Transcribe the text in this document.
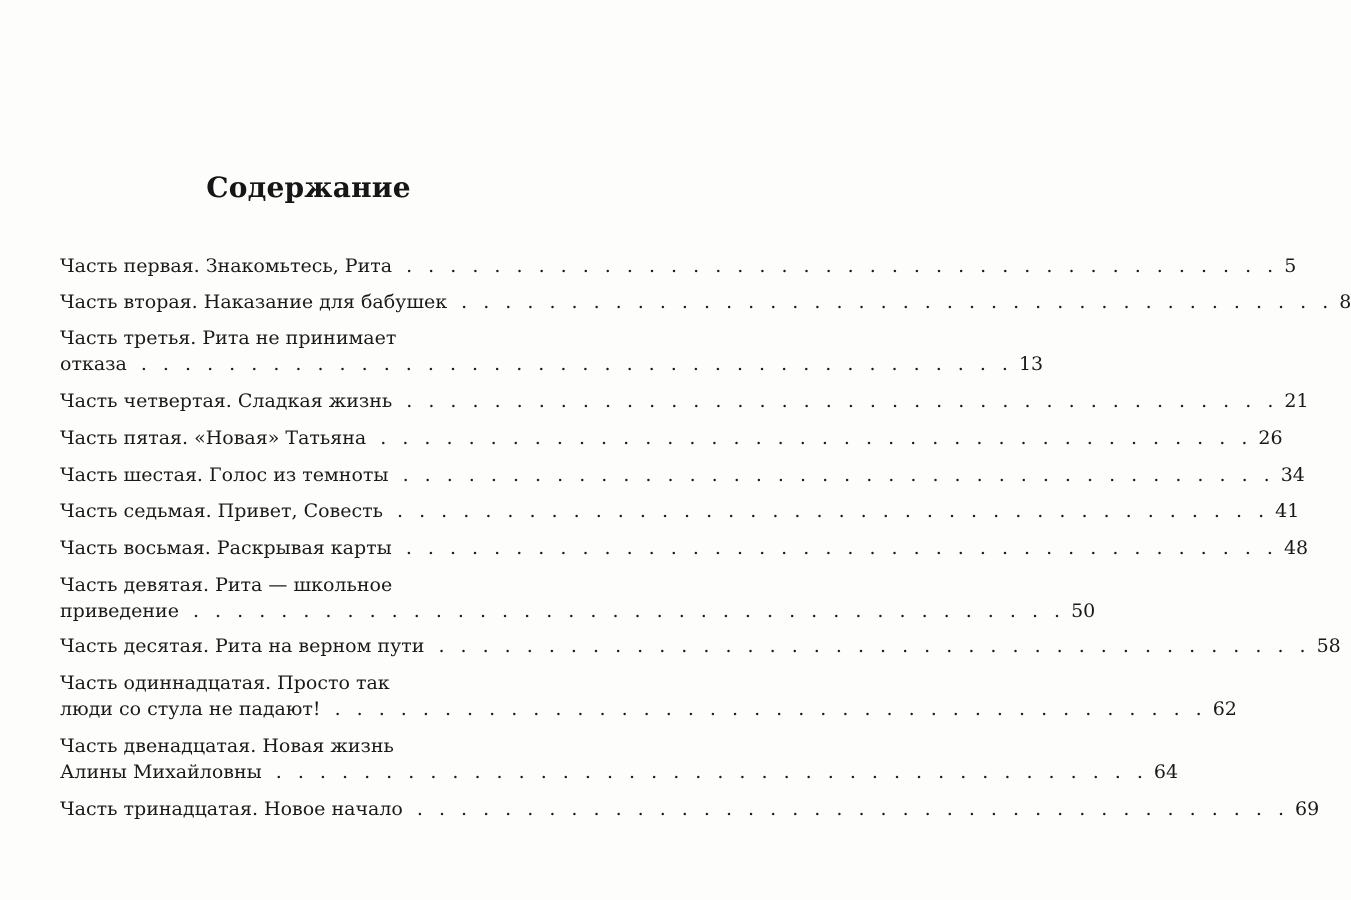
Содержание
Часть первая. Знакомьтесь, Рита . . . . . . . . . . . . . . . . . . . . . . . . . . . . . . . . . . . . . . . . 5
Часть вторая. Наказание для бабушек . . . . . . . . . . . . . . . . . . . . . . . . . . . . . . . . . . . . . . . . 8
Часть третья. Рита не принимает
отказа . . . . . . . . . . . . . . . . . . . . . . . . . . . . . . . . . . . . . . . . 13
Часть четвертая. Сладкая жизнь . . . . . . . . . . . . . . . . . . . . . . . . . . . . . . . . . . . . . . . . 21
Часть пятая. «Новая» Татьяна . . . . . . . . . . . . . . . . . . . . . . . . . . . . . . . . . . . . . . . . 26
Часть шестая. Голос из темноты . . . . . . . . . . . . . . . . . . . . . . . . . . . . . . . . . . . . . . . . 34
Часть седьмая. Привет, Совесть . . . . . . . . . . . . . . . . . . . . . . . . . . . . . . . . . . . . . . . . 41
Часть восьмая. Раскрывая карты . . . . . . . . . . . . . . . . . . . . . . . . . . . . . . . . . . . . . . . . 48
Часть девятая. Рита — школьное
приведение . . . . . . . . . . . . . . . . . . . . . . . . . . . . . . . . . . . . . . . . 50
Часть десятая. Рита на верном пути . . . . . . . . . . . . . . . . . . . . . . . . . . . . . . . . . . . . . . . . 58
Часть одиннадцатая. Просто так
люди со стула не падают! . . . . . . . . . . . . . . . . . . . . . . . . . . . . . . . . . . . . . . . . 62
Часть двенадцатая. Новая жизнь
Алины Михайловны . . . . . . . . . . . . . . . . . . . . . . . . . . . . . . . . . . . . . . . . 64
Часть тринадцатая. Новое начало . . . . . . . . . . . . . . . . . . . . . . . . . . . . . . . . . . . . . . . . 69
